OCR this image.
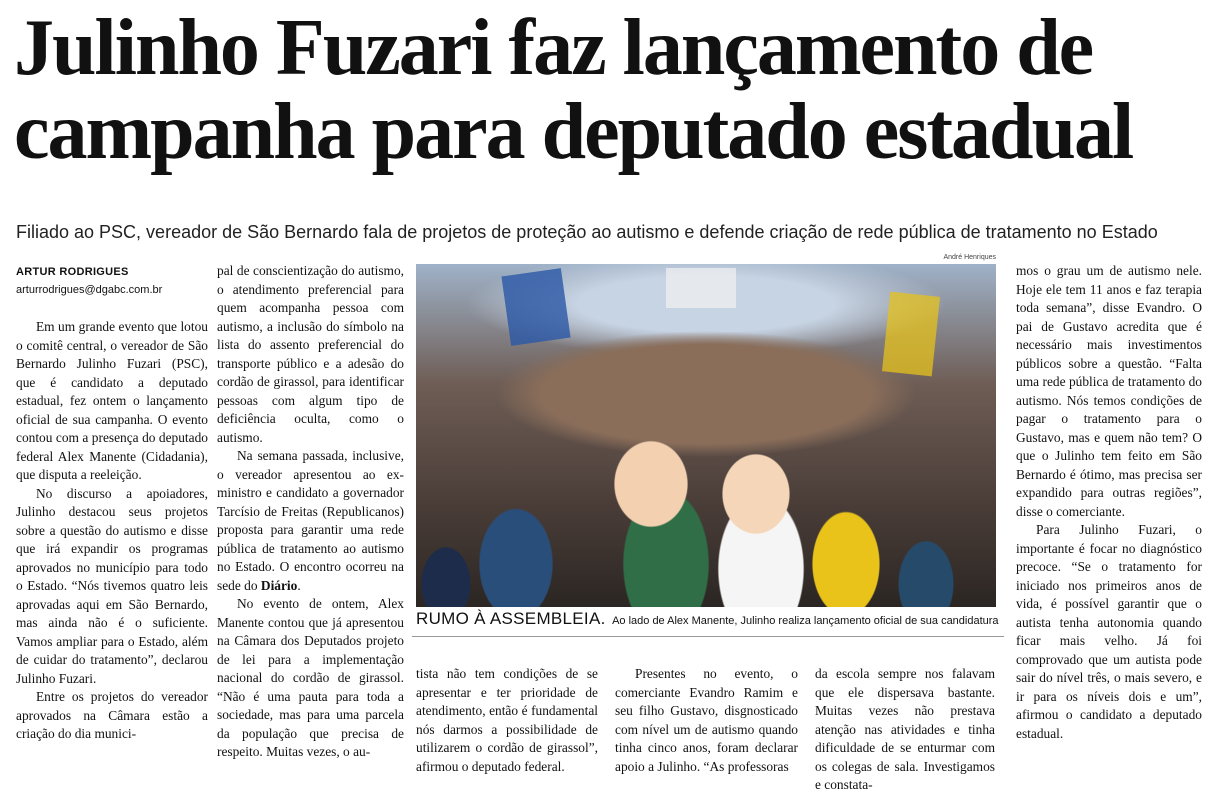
Julinho Fuzari faz lançamento de campanha para deputado estadual

Filiado ao PSC, vereador de São Bernardo fala de projetos de proteção ao autismo e defende criação de rede pública de tratamento no Estado

ARTUR RODRIGUES
arturrodrigues@dgabc.com.br

Em um grande evento que lotou o comitê central, o vereador de São Bernardo Julinho Fuzari (PSC), que é candidato a deputado estadual, fez ontem o lançamento oficial de sua campanha. O evento contou com a presença do deputado federal Alex Manente (Cidadania), que disputa a reeleição.

No discurso a apoiadores, Julinho destacou seus projetos sobre a questão do autismo e disse que irá expandir os programas aprovados no município para todo o Estado. “Nós tivemos quatro leis aprovadas aqui em São Bernardo, mas ainda não é o suficiente. Vamos ampliar para o Estado, além de cuidar do tratamento”, declarou Julinho Fuzari.

Entre os projetos do vereador aprovados na Câmara estão a criação do dia munici-

pal de conscientização do autismo, o atendimento preferencial para quem acompanha pessoa com autismo, a inclusão do símbolo na lista do assento preferencial do transporte público e a adesão do cordão de girassol, para identificar pessoas com algum tipo de deficiência oculta, como o autismo.

Na semana passada, inclusive, o vereador apresentou ao ex-ministro e candidato a governador Tarcísio de Freitas (Republicanos) proposta para garantir uma rede pública de tratamento ao autismo no Estado. O encontro ocorreu na sede do Diário.

No evento de ontem, Alex Manente contou que já apresentou na Câmara dos Deputados projeto de lei para a implementação nacional do cordão de girassol. “Não é uma pauta para toda a sociedade, mas para uma parcela da população que precisa de respeito. Muitas vezes, o au-

André Henriques
RUMO À ASSEMBLEIA. Ao lado de Alex Manente, Julinho realiza lançamento oficial de sua candidatura

tista não tem condições de se apresentar e ter prioridade de atendimento, então é fundamental nós darmos a possibilidade de utilizarem o cordão de girassol”, afirmou o deputado federal.

Presentes no evento, o comerciante Evandro Ramim e seu filho Gustavo, disgnosticado com nível um de autismo quando tinha cinco anos, foram declarar apoio a Julinho. “As professoras

da escola sempre nos falavam que ele dispersava bastante. Muitas vezes não prestava atenção nas atividades e tinha dificuldade de se enturmar com os colegas de sala. Investigamos e constata-

mos o grau um de autismo nele. Hoje ele tem 11 anos e faz terapia toda semana”, disse Evandro. O pai de Gustavo acredita que é necessário mais investimentos públicos sobre a questão. “Falta uma rede pública de tratamento do autismo. Nós temos condições de pagar o tratamento para o Gustavo, mas e quem não tem? O que o Julinho tem feito em São Bernardo é ótimo, mas precisa ser expandido para outras regiões”, disse o comerciante.

Para Julinho Fuzari, o importante é focar no diagnóstico precoce. “Se o tratamento for iniciado nos primeiros anos de vida, é possível garantir que o autista tenha autonomia quando ficar mais velho. Já foi comprovado que um autista pode sair do nível três, o mais severo, e ir para os níveis dois e um”, afirmou o candidato a deputado estadual.
